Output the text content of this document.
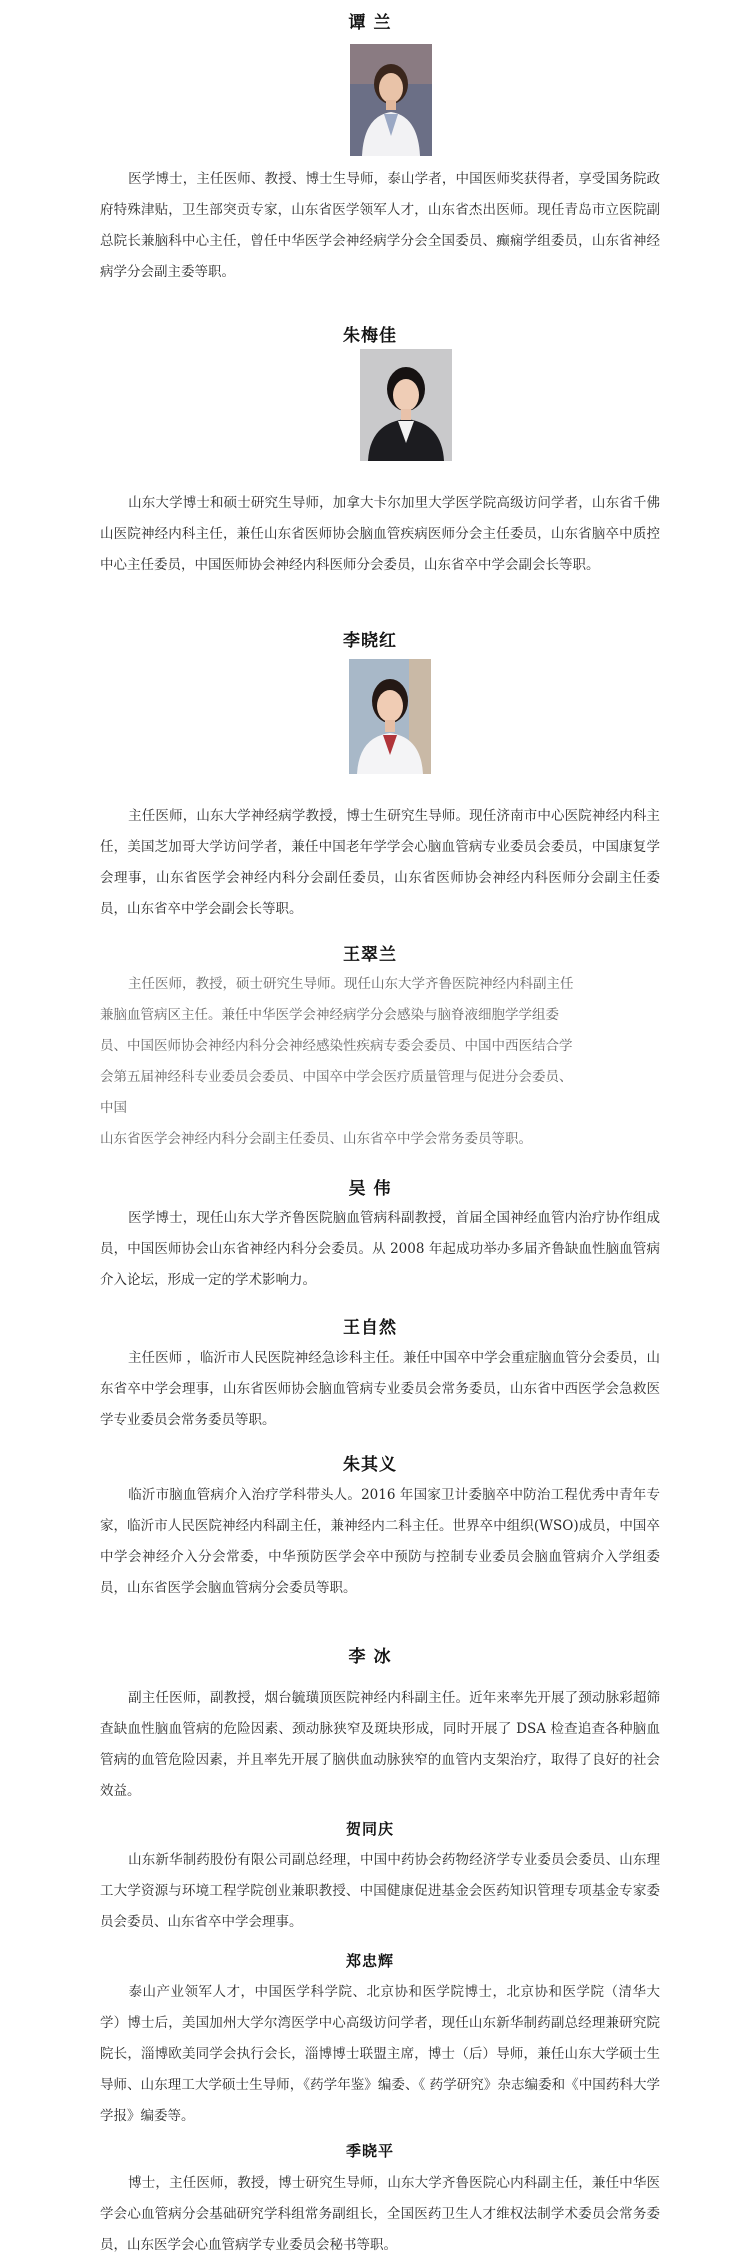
谭 兰
医学博士，主任医师、教授、博士生导师，泰山学者，中国医师奖获得者，享受国务院政府特殊津贴，卫生部突贡专家，山东省医学领军人才，山东省杰出医师。现任青岛市立医院副总院长兼脑科中心主任，曾任中华医学会神经病学分会全国委员、癫痫学组委员，山东省神经病学分会副主委等职。
朱梅佳
山东大学博士和硕士研究生导师，加拿大卡尔加里大学医学院高级访问学者，山东省千佛山医院神经内科主任，兼任山东省医师协会脑血管疾病医师分会主任委员，山东省脑卒中质控中心主任委员，中国医师协会神经内科医师分会委员，山东省卒中学会副会长等职。
李晓红
主任医师，山东大学神经病学教授，博士生研究生导师。现任济南市中心医院神经内科主任，美国芝加哥大学访问学者，兼任中国老年学学会心脑血管病专业委员会委员，中国康复学会理事，山东省医学会神经内科分会副任委员，山东省医师协会神经内科医师分会副主任委员，山东省卒中学会副会长等职。
王翠兰
主任医师，教授，硕士研究生导师。现任山东大学齐鲁医院神经内科副主任
兼脑血管病区主任。兼任中华医学会神经病学分会感染与脑脊液细胞学学组委
员、中国医师协会神经内科分会神经感染性疾病专委会委员、中国中西医结合学
会第五届神经科专业委员会委员、中国卒中学会医疗质量管理与促进分会委员、
中国
山东省医学会神经内科分会副主任委员、山东省卒中学会常务委员等职。
吴 伟
医学博士，现任山东大学齐鲁医院脑血管病科副教授，首届全国神经血管内治疗协作组成员，中国医师协会山东省神经内科分会委员。从 2008 年起成功举办多届齐鲁缺血性脑血管病介入论坛，形成一定的学术影响力。
王自然
主任医师 ，临沂市人民医院神经急诊科主任。兼任中国卒中学会重症脑血管分会委员，山东省卒中学会理事，山东省医师协会脑血管病专业委员会常务委员，山东省中西医学会急救医学专业委员会常务委员等职。
朱其义
临沂市脑血管病介入治疗学科带头人。2016 年国家卫计委脑卒中防治工程优秀中青年专家，临沂市人民医院神经内科副主任，兼神经内二科主任。世界卒中组织(WSO)成员，中国卒中学会神经介入分会常委，中华预防医学会卒中预防与控制专业委员会脑血管病介入学组委员，山东省医学会脑血管病分会委员等职。
李 冰
副主任医师，副教授，烟台毓璜顶医院神经内科副主任。近年来率先开展了颈动脉彩超筛查缺血性脑血管病的危险因素、颈动脉狭窄及斑块形成，同时开展了 DSA 检查追查各种脑血管病的血管危险因素，并且率先开展了脑供血动脉狭窄的血管内支架治疗，取得了良好的社会效益。
贺同庆
山东新华制药股份有限公司副总经理，中国中药协会药物经济学专业委员会委员、山东理工大学资源与环境工程学院创业兼职教授、中国健康促进基金会医药知识管理专项基金专家委员会委员、山东省卒中学会理事。
郑忠辉
泰山产业领军人才，中国医学科学院、北京协和医学院博士，北京协和医学院（清华大学）博士后，美国加州大学尔湾医学中心高级访问学者，现任山东新华制药副总经理兼研究院院长，淄博欧美同学会执行会长，淄博博士联盟主席，博士（后）导师，兼任山东大学硕士生导师、山东理工大学硕士生导师，《药学年鉴》编委、《 药学研究》杂志编委和《中国药科大学学报》编委等。
季晓平
博士，主任医师，教授，博士研究生导师，山东大学齐鲁医院心内科副主任，兼任中华医学会心血管病分会基础研究学科组常务副组长，全国医药卫生人才维权法制学术委员会常务委员，山东医学会心血管病学专业委员会秘书等职。
